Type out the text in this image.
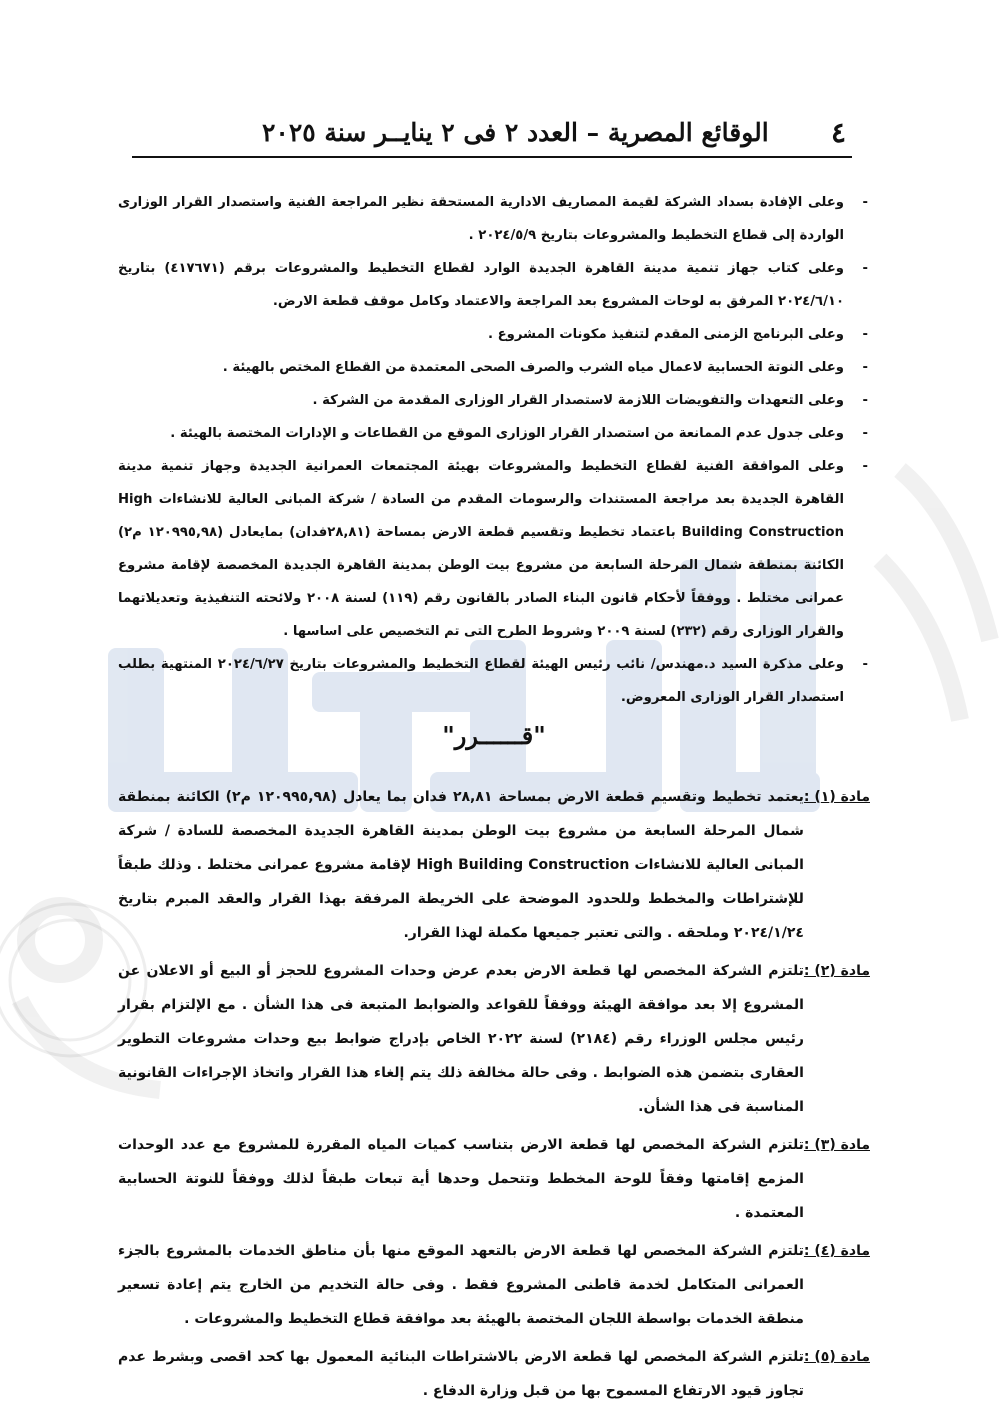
٤
الوقائع المصرية – العدد ٢ فى ٢ ينايــر سنة ٢٠٢٥
-
وعلى الإفادة بسداد الشركة لقيمة المصاريف الادارية المستحقة نظير المراجعة الفنية واستصدار القرار الوزارى الواردة إلى قطاع التخطيط والمشروعات بتاريخ ٢٠٢٤/٥/٩ .
-
وعلى كتاب جهاز تنمية مدينة القاهرة الجديدة الوارد لقطاع التخطيط والمشروعات برقم (٤١٧٦٧١) بتاريخ ٢٠٢٤/٦/١٠ المرفق به لوحات المشروع بعد المراجعة والاعتماد وكامل موقف قطعة الارض.
-
وعلى البرنامج الزمنى المقدم لتنفيذ مكونات المشروع .
-
وعلى النوتة الحسابية لاعمال مياه الشرب والصرف الصحى المعتمدة من القطاع المختص بالهيئة .
-
وعلى التعهدات والتفويضات اللازمة لاستصدار القرار الوزارى المقدمة من الشركة .
-
وعلى جدول عدم الممانعة من استصدار القرار الوزارى الموقع من القطاعات و الإدارات المختصة بالهيئة .
-
وعلى الموافقة الفنية لقطاع التخطيط والمشروعات بهيئة المجتمعات العمرانية الجديدة وجهاز تنمية مدينة القاهرة الجديدة بعد مراجعة المستندات والرسومات المقدم من السادة / شركة المبانى العالية للانشاءات High Building Construction باعتماد تخطيط وتقسيم قطعة الارض بمساحة (٢٨,٨١فدان) بمايعادل (١٢٠٩٩٥,٩٨ م٢) الكائنة بمنطقة شمال المرحلة السابعة من مشروع بيت الوطن بمدينة القاهرة الجديدة المخصصة لإقامة مشروع عمرانى مختلط . ووفقاً لأحكام قانون البناء الصادر بالقانون رقم (١١٩) لسنة ٢٠٠٨ ولائحته التنفيذية وتعديلاتهما والقرار الوزارى رقم (٢٣٢) لسنة ٢٠٠٩ وشروط الطرح التى تم التخصيص على اساسها .
-
وعلى مذكرة السيد د.مهندس/ نائب رئيس الهيئة لقطاع التخطيط والمشروعات بتاريخ ٢٠٢٤/٦/٢٧ المنتهية بطلب استصدار القرار الوزارى المعروض.
"قــــــرر"
مادة (١) :
يعتمد تخطيط وتقسيم قطعة الارض بمساحة ٢٨,٨١ فدان بما يعادل (١٢٠٩٩٥,٩٨ م٢) الكائنة بمنطقة شمال المرحلة السابعة من مشروع بيت الوطن بمدينة القاهرة الجديدة المخصصة للسادة / شركة المبانى العالية للانشاءات High Building Construction لإقامة مشروع عمرانى مختلط . وذلك طبقاً للإشتراطات والمخطط وللحدود الموضحة على الخريطة المرفقة بهذا القرار والعقد المبرم بتاريخ ٢٠٢٤/١/٢٤ وملحقه . والتى تعتبر جميعها مكملة لهذا القرار.
مادة (٢) :
تلتزم الشركة المخصص لها قطعة الارض بعدم عرض وحدات المشروع للحجز أو البيع أو الاعلان عن المشروع إلا بعد موافقة الهيئة ووفقاً للقواعد والضوابط المتبعة فى هذا الشأن . مع الإلتزام بقرار رئيس مجلس الوزراء رقم (٢١٨٤) لسنة ٢٠٢٢ الخاص بإدراج ضوابط بيع وحدات مشروعات التطوير العقارى بتضمن هذه الضوابط . وفى حالة مخالفة ذلك يتم إلغاء هذا القرار واتخاذ الإجراءات القانونية المناسبة فى هذا الشأن.
مادة (٣) :
تلتزم الشركة المخصص لها قطعة الارض بتناسب كميات المياه المقررة للمشروع مع عدد الوحدات المزمع إقامتها وفقاً للوحة المخطط وتتحمل وحدها أية تبعات طبقاً لذلك ووفقاً للنوتة الحسابية المعتمدة .
مادة (٤) :
تلتزم الشركة المخصص لها قطعة الارض بالتعهد الموقع منها بأن مناطق الخدمات بالمشروع بالجزء العمرانى المتكامل لخدمة قاطنى المشروع فقط . وفى حالة التخديم من الخارج يتم إعادة تسعير منطقة الخدمات بواسطة اللجان المختصة بالهيئة بعد موافقة قطاع التخطيط والمشروعات .
مادة (٥) :
تلتزم الشركة المخصص لها قطعة الارض بالاشتراطات البنائية المعمول بها كحد اقصى وبشرط عدم تجاوز قيود الارتفاع المسموح بها من قبل وزارة الدفاع .
